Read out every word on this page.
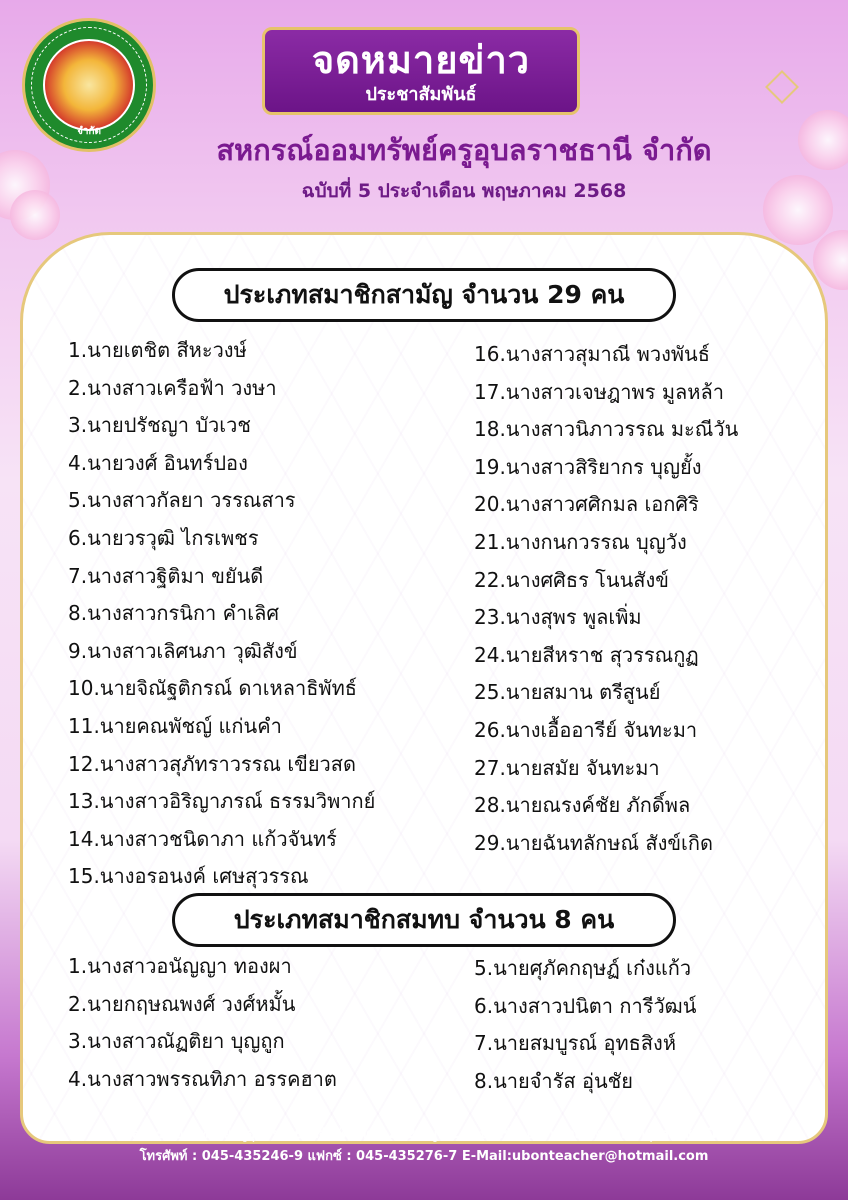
จำกัด
จดหมายข่าว
ประชาสัมพันธ์
สหกรณ์ออมทรัพย์ครูอุบลราชธานี จำกัด
ฉบับที่ 5 ประจำเดือน พฤษภาคม 2568
ประเภทสมาชิกสามัญ จำนวน 29 คน
1.นายเตชิต สีหะวงษ์
2.นางสาวเครือฟ้า วงษา
3.นายปรัชญา บัวเวช
4.นายวงศ์ อินทร์ปอง
5.นางสาวกัลยา วรรณสาร
6.นายวรวุฒิ ไกรเพชร
7.นางสาวฐิติมา ขยันดี
8.นางสาวกรนิกา คำเลิศ
9.นางสาวเลิศนภา วุฒิสังข์
10.นายจิณัฐติกรณ์ ดาเหลาธิพัทธ์
11.นายคณพัชญ์ แก่นคำ
12.นางสาวสุภัทราวรรณ เขียวสด
13.นางสาวอิริญาภรณ์ ธรรมวิพากย์
14.นางสาวชนิดาภา แก้วจันทร์
15.นางอรอนงค์ เศษสุวรรณ
16.นางสาวสุมาณี พวงพันธ์
17.นางสาวเจษฎาพร มูลหล้า
18.นางสาวนิภาวรรณ มะณีวัน
19.นางสาวสิริยากร บุญยั้ง
20.นางสาวศศิกมล เอกศิริ
21.นางกนกวรรณ บุญวัง
22.นางศศิธร โนนสังข์
23.นางสุพร พูลเพิ่ม
24.นายสีหราช สุวรรณกูฏ
25.นายสมาน ตรีสูนย์
26.นางเอื้ออารีย์ จันทะมา
27.นายสมัย จันทะมา
28.นายณรงค์ชัย ภักดิ์พล
29.นายฉันทลักษณ์ สังข์เกิด
ประเภทสมาชิกสมทบ จำนวน 8 คน
1.นางสาวอนัญญา ทองผา
2.นายกฤษณพงศ์ วงศ์หมั้น
3.นางสาวณัฏติยา บุญถูก
4.นางสาวพรรณทิภา อรรคฮาต
5.นายศุภัคกฤษฏ์ เก๋งแก้ว
6.นางสาวปนิตา การีวัฒน์
7.นายสมบูรณ์ อุทธสิงห์
8.นายจำรัส อุ่นชัย
สหกรณ์ออมทรัพย์ครูอุบลราชธานีจำกัด เลขที่ 292 หมู่ 12 ตำบลไร่น้อย อำเภอเมือง จังหวัดอุบลราชธานี
โทรศัพท์ : 045-435246-9 แฟกซ์ : 045-435276-7 E-Mail:ubonteacher@hotmail.com
